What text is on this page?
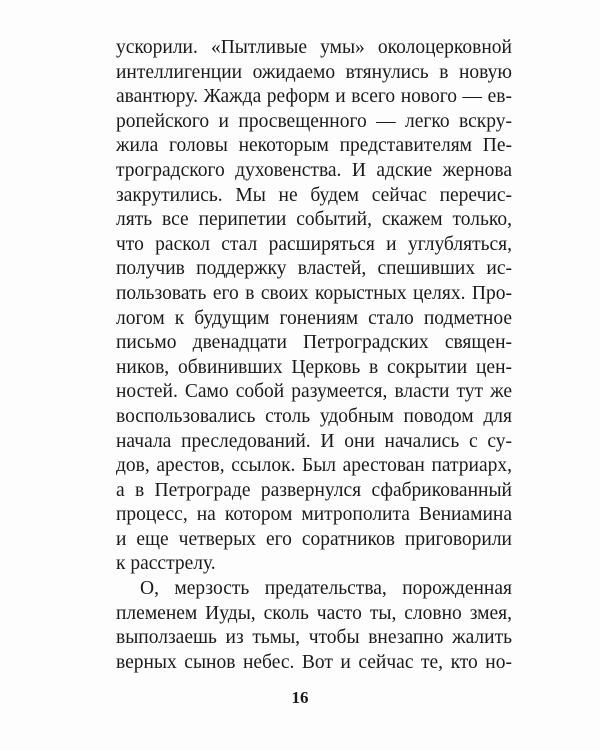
ускорили. «Пытливые умы» околоцерковной
интеллигенции ожидаемо втянулись в новую
авантюру. Жажда реформ и всего нового — ев-
ропейского и просвещенного — легко вскру-
жила головы некоторым представителям Пе-
троградского духовенства. И адские жернова
закрутились. Мы не будем сейчас перечис-
лять все перипетии событий, скажем только,
что раскол стал расширяться и углубляться,
получив поддержку властей, спешивших ис-
пользовать его в своих корыстных целях. Про-
логом к будущим гонениям стало подметное
письмо двенадцати Петроградских священ-
ников, обвинивших Церковь в сокрытии цен-
ностей. Само собой разумеется, власти тут же
воспользовались столь удобным поводом для
начала преследований. И они начались с су-
дов, арестов, ссылок. Был арестован патриарх,
а в Петрограде развернулся сфабрикованный
процесс, на котором митрополита Вениамина
и еще четверых его соратников приговорили
к расстрелу.
О, мерзость предательства, порожденная
племенем Иуды, сколь часто ты, словно змея,
выползаешь из тьмы, чтобы внезапно жалить
верных сынов небес. Вот и сейчас те, кто но-
16
